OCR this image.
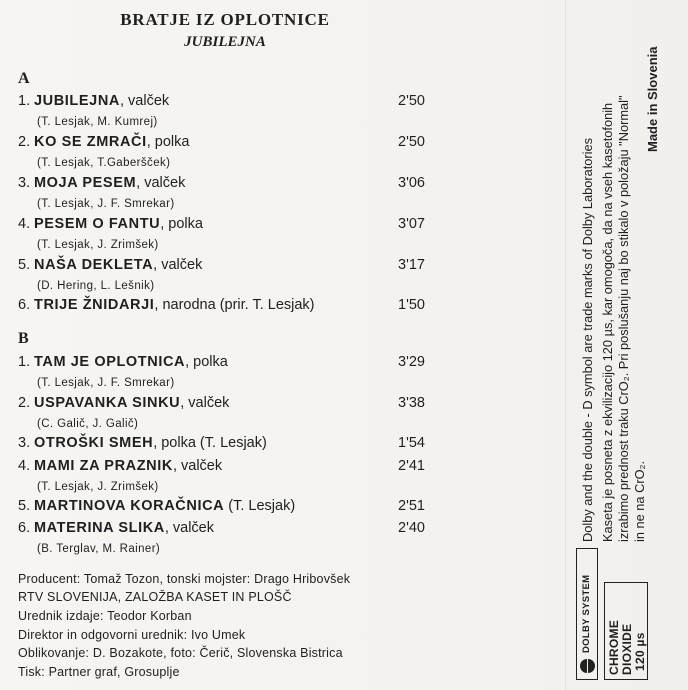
BRATJE IZ OPLOTNICE
JUBILEJNA
A
1. JUBILEJNA, valček	2'50
(T. Lesjak, M. Kumrej)
2. KO SE ZMRAČI, polka	2'50
(T. Lesjak, T.Gaberšček)
3. MOJA PESEM, valček	3'06
(T. Lesjak, J. F. Smrekar)
4. PESEM O FANTU, polka	3'07
(T. Lesjak, J. Zrimšek)
5. NAŠA DEKLETA, valček	3'17
(D. Hering, L. Lešnik)
6. TRIJE ŽNIDARJI, narodna (prir. T. Lesjak)	1'50
B
1. TAM JE OPLOTNICA, polka	3'29
(T. Lesjak, J. F. Smrekar)
2. USPAVANKA SINKU, valček	3'38
(C. Galič, J. Galič)
3. OTROŠKI SMEH, polka (T. Lesjak)	1'54
4. MAMI ZA PRAZNIK, valček	2'41
(T. Lesjak, J. Zrimšek)
5. MARTINOVA KORAČNICA (T. Lesjak)	2'51
6. MATERINA SLIKA, valček	2'40
(B. Terglav, M. Rainer)
Producent: Tomaž Tozon, tonski mojster: Drago Hribovšek
RTV SLOVENIJA, ZALOŽBA KASET IN PLOŠČ
Urednik izdaje: Teodor Korban
Direktor in odgovorni urednik: Ivo Umek
Oblikovanje: D. Bozakote, foto: Čerič, Slovenska Bistrica
Tisk: Partner graf, Grosuplje
Dolby and the double - D symbol are trade marks of Dolby Laboratories Kaseta je posneta z ekvilizacijo 120 µs, kar omogoča, da na vseh kasetofonih izrabimo prednost traku CrO₂. Pri poslušanju naj bo stikalo v položaju "Normal" in ne na CrO₂.
Made in Slovenia
DOLBY SYSTEM CHROME DIOXIDE 120 µs
